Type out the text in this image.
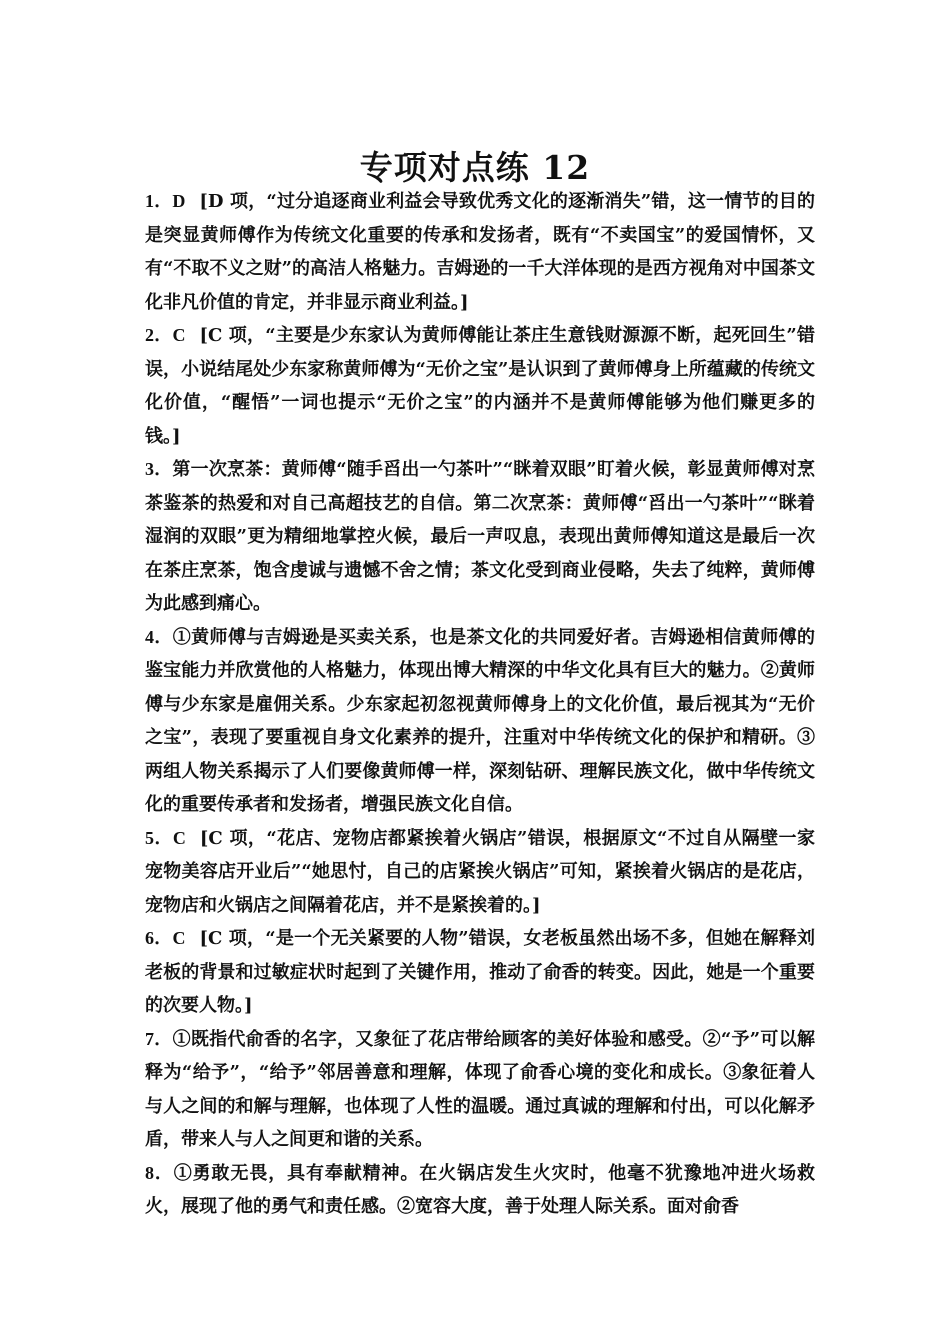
专项对点练 12

1．D [D 项，“过分追逐商业利益会导致优秀文化的逐渐消失”错，这一情节的目的是突显黄师傅作为传统文化重要的传承和发扬者，既有“不卖国宝”的爱国情怀，又有“不取不义之财”的高洁人格魅力。吉姆逊的一千大洋体现的是西方视角对中国茶文化非凡价值的肯定，并非显示商业利益。]

2．C [C 项，“主要是少东家认为黄师傅能让茶庄生意钱财源源不断，起死回生”错误，小说结尾处少东家称黄师傅为“无价之宝”是认识到了黄师傅身上所蕴藏的传统文化价值，“醒悟”一词也提示“无价之宝”的内涵并不是黄师傅能够为他们赚更多的钱。]

3．第一次烹茶：黄师傅“随手舀出一勺茶叶”“眯着双眼”盯着火候，彰显黄师傅对烹茶鉴茶的热爱和对自己高超技艺的自信。第二次烹茶：黄师傅“舀出一勺茶叶”“眯着湿润的双眼”更为精细地掌控火候，最后一声叹息，表现出黄师傅知道这是最后一次在茶庄烹茶，饱含虔诚与遗憾不舍之情；茶文化受到商业侵略，失去了纯粹，黄师傅为此感到痛心。

4．①黄师傅与吉姆逊是买卖关系，也是茶文化的共同爱好者。吉姆逊相信黄师傅的鉴宝能力并欣赏他的人格魅力，体现出博大精深的中华文化具有巨大的魅力。②黄师傅与少东家是雇佣关系。少东家起初忽视黄师傅身上的文化价值，最后视其为“无价之宝”，表现了要重视自身文化素养的提升，注重对中华传统文化的保护和精研。③两组人物关系揭示了人们要像黄师傅一样，深刻钻研、理解民族文化，做中华传统文化的重要传承者和发扬者，增强民族文化自信。

5．C [C 项，“花店、宠物店都紧挨着火锅店”错误，根据原文“不过自从隔壁一家宠物美容店开业后”“她思忖，自己的店紧挨火锅店”可知，紧挨着火锅店的是花店，宠物店和火锅店之间隔着花店，并不是紧挨着的。]

6．C [C 项，“是一个无关紧要的人物”错误，女老板虽然出场不多，但她在解释刘老板的背景和过敏症状时起到了关键作用，推动了俞香的转变。因此，她是一个重要的次要人物。]

7．①既指代俞香的名字，又象征了花店带给顾客的美好体验和感受。②“予”可以解释为“给予”，“给予”邻居善意和理解，体现了俞香心境的变化和成长。③象征着人与人之间的和解与理解，也体现了人性的温暖。通过真诚的理解和付出，可以化解矛盾，带来人与人之间更和谐的关系。

8．①勇敢无畏，具有奉献精神。在火锅店发生火灾时，他毫不犹豫地冲进火场救火，展现了他的勇气和责任感。②宽容大度，善于处理人际关系。面对俞香
